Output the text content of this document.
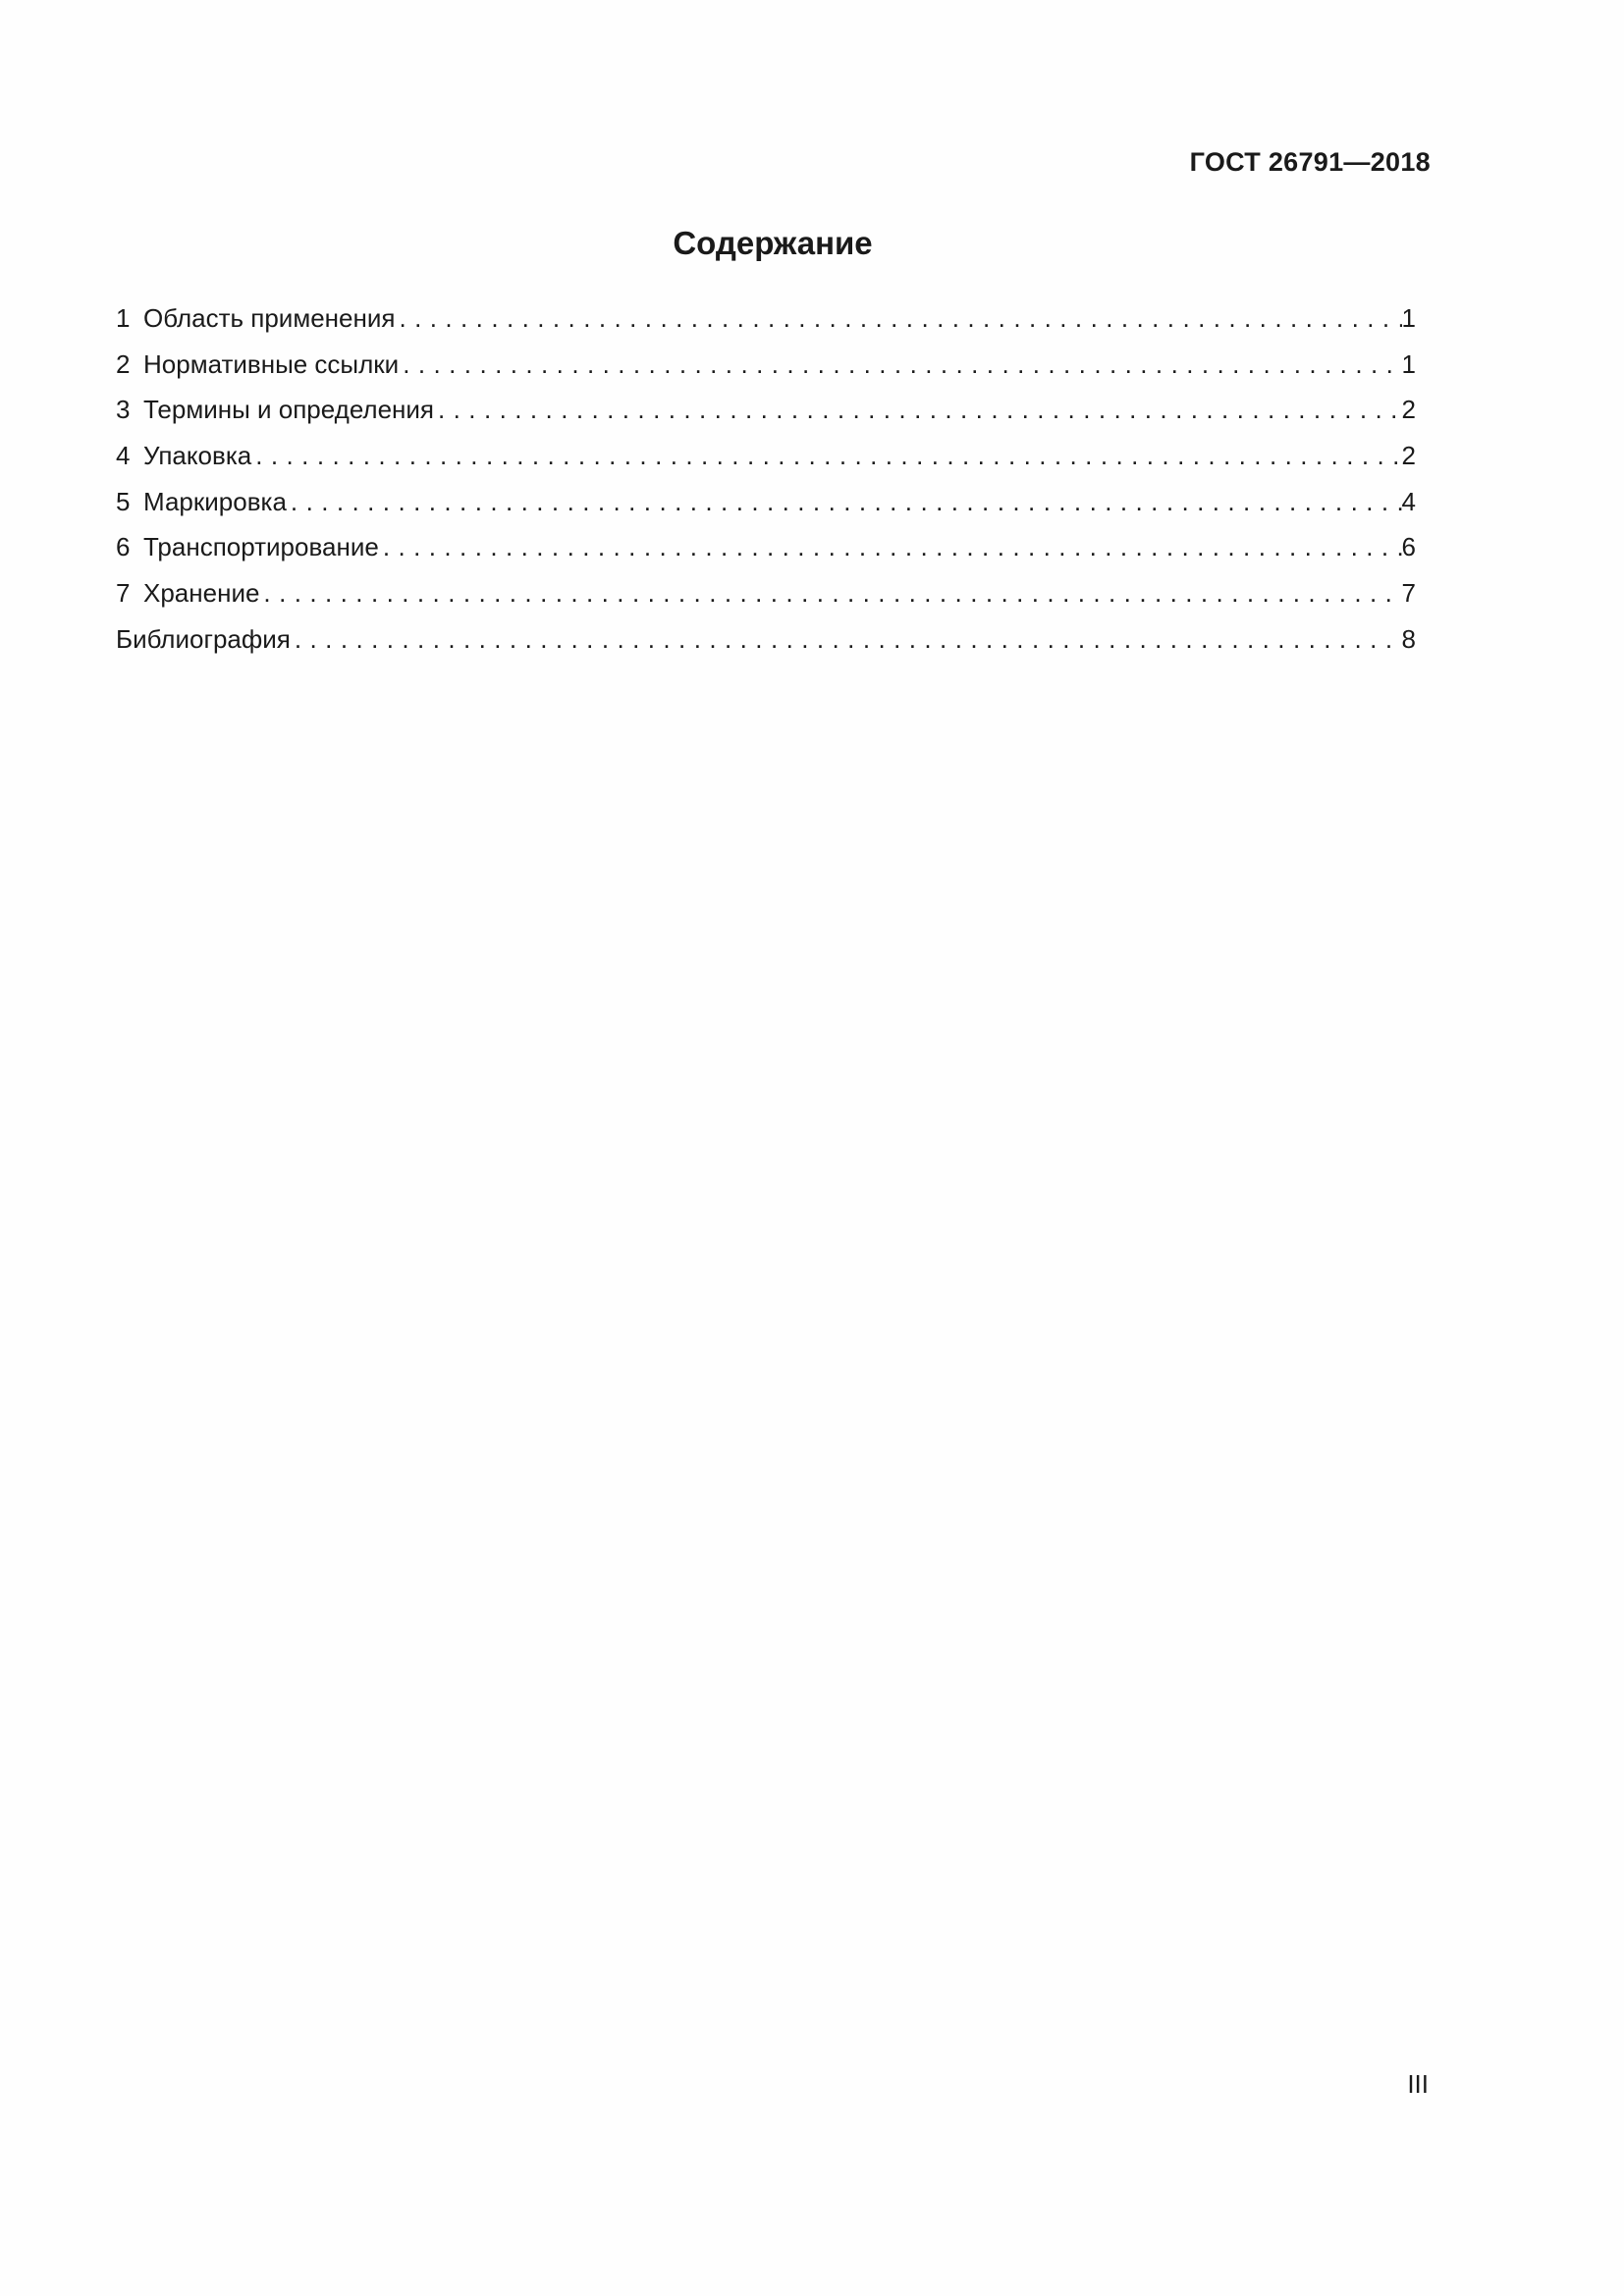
ГОСТ 26791—2018
Содержание
1 Область применения . . .	1
2 Нормативные ссылки . . .	1
3 Термины и определения . . .	2
4 Упаковка . . .	2
5 Маркировка . . .	4
6 Транспортирование . . .	6
7 Хранение . . .	7
Библиография . . .	8
III
